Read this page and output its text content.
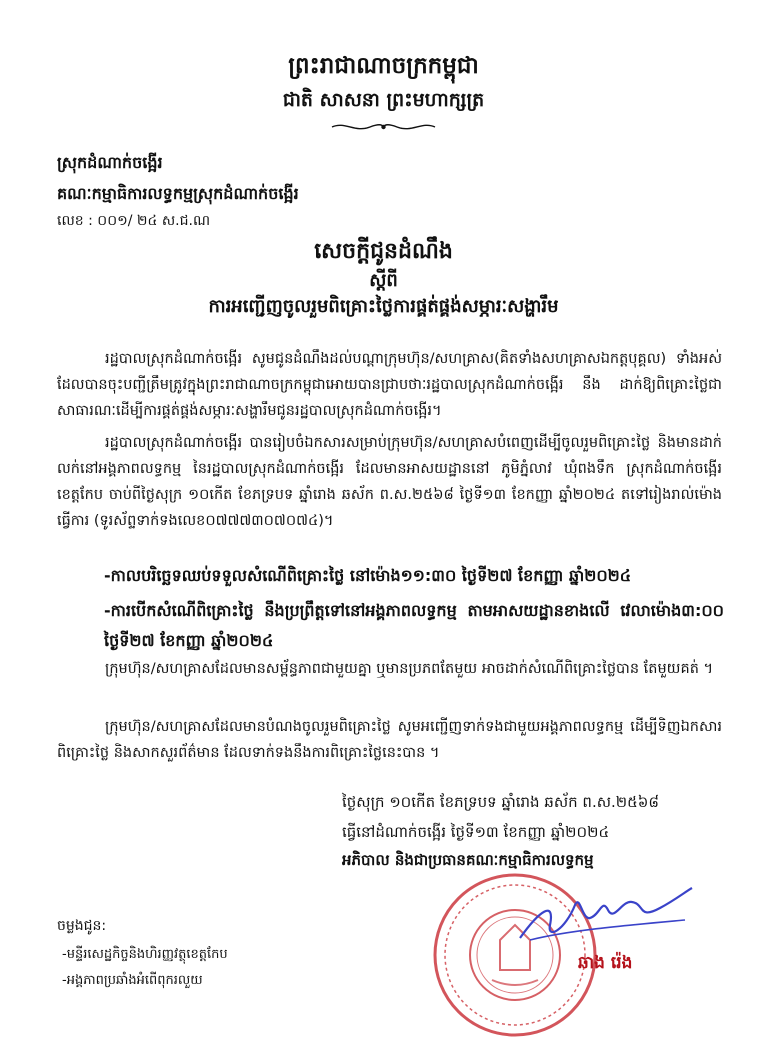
ព្រះរាជាណាចក្រកម្ពុជា
ជាតិ សាសនា ព្រះមហាក្សត្រ
ស្រុកដំណាក់ចង្អើរ
គណៈកម្មាធិការលទ្ធកម្មស្រុកដំណាក់ចង្អើរ
លេខ : ០០១/ ២៤ ស.ជ.ណ
សេចក្តីជូនដំណឹង
ស្តីពី
ការអញ្ជើញចូលរួមពិគ្រោះថ្លៃការផ្គត់ផ្គង់សម្ភារៈសង្ហារឹម
រដ្ឋបាលស្រុកដំណាក់ចង្អើរ សូមជូនដំណឹងដល់បណ្តាក្រុមហ៊ុន/សហគ្រាស(គិតទាំងសហគ្រាសឯកត្តបុគ្គល) ទាំងអស់ ដែលបានចុះបញ្ជីត្រឹមត្រូវក្នុងព្រះរាជាណាចក្រកម្ពុជាអោយបានជ្រាបថាៈរដ្ឋបាលស្រុកដំណាក់ចង្អើរ នឹង ដាក់ឱ្យពិគ្រោះថ្លៃជាសាធារណៈដើម្បីការផ្គត់ផ្គង់សម្ភារៈសង្ហារឹមជូនរដ្ឋបាលស្រុកដំណាក់ចង្អើរ។
រដ្ឋបាលស្រុកដំណាក់ចង្អើរ បានរៀបចំឯកសារសម្រាប់ក្រុមហ៊ុន/សហគ្រាសបំពេញដើម្បីចូលរួមពិគ្រោះថ្លៃ និងមានដាក់លក់នៅអង្គភាពលទ្ធកម្ម នៃរដ្ឋបាលស្រុកដំណាក់ចង្អើរ ដែលមានអាសយដ្ឋាននៅ ភូមិភ្នំលាវ ឃុំពងទឹក ស្រុកដំណាក់ចង្អើរ ខេត្តកែប ចាប់ពីថ្ងៃសុក្រ ១០កើត ខែភទ្របទ ឆ្នាំរោង ឆស័ក ព.ស.២៥៦៨ ថ្ងៃទី១៣ ខែកញ្ញា ឆ្នាំ២០២៤ តទៅរៀងរាល់ម៉ោងធ្វើការ (ទូរស័ព្ទទាក់ទងលេខ០៧៧៧៣០៧០៧៤)។
-កាលបរិច្ឆេទឈប់ទទួលសំណើពិគ្រោះថ្លៃ នៅម៉ោង១១:៣០ ថ្ងៃទី២៧ ខែកញ្ញា ឆ្នាំ២០២៤
-ការបើកសំណើពិគ្រោះថ្លៃ នឹងប្រព្រឹត្តទៅនៅអង្គភាពលទ្ធកម្ម តាមអាសយដ្ឋានខាងលើ វេលាម៉ោង៣:០០ ថ្ងៃទី២៧ ខែកញ្ញា ឆ្នាំ២០២៤
ក្រុមហ៊ុន/សហគ្រាសដែលមានសម្ព័ន្ធភាពជាមួយគ្នា ឬមានប្រភពតែមួយ អាចដាក់សំណើពិគ្រោះថ្លៃបាន តែមួយគត់ ។
ក្រុមហ៊ុន/សហគ្រាសដែលមានបំណងចូលរួមពិគ្រោះថ្លៃ សូមអញ្ជើញទាក់ទងជាមួយអង្គភាពលទ្ធកម្ម ដើម្បីទិញឯកសារពិគ្រោះថ្លៃ និងសាកសួរព័ត៌មាន ដែលទាក់ទងនឹងការពិគ្រោះថ្លៃនេះបាន ។
ថ្ងៃសុក្រ ១០កើត ខែភទ្របទ ឆ្នាំរោង ឆស័ក ព.ស.២៥៦៨
ធ្វើនៅដំណាក់ចង្អើរ ថ្ងៃទី១៣ ខែកញ្ញា ឆ្នាំ២០២៤
អភិបាល និងជាប្រធានគណៈកម្មាធិការលទ្ធកម្ម
ឆាង រ៉េង
ចម្លងជូន:
-មន្ទីរសេដ្ឋកិច្ចនិងហិរញ្ញវត្ថុខេត្តកែប
-អង្គភាពប្រឆាំងអំពើពុករលួយ
